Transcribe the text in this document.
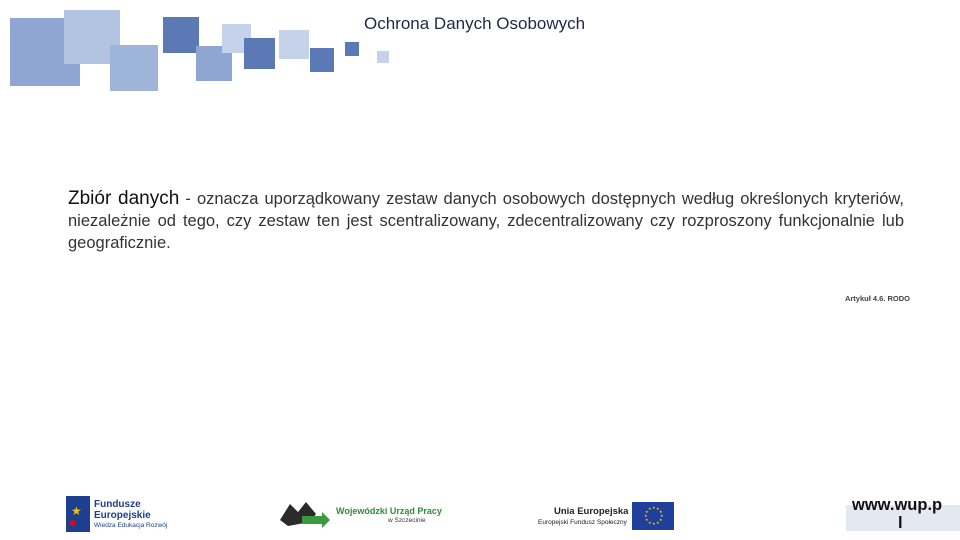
Ochrona Danych Osobowych
Zbiór danych - oznacza uporządkowany zestaw danych osobowych dostępnych według określonych kryteriów, niezależnie od tego, czy zestaw ten jest scentralizowany, zdecentralizowany czy rozproszony funkcjonalnie lub geograficznie.
Artykuł 4.6. RODO
★ Fundusze
Europejskie
Wiedza Edukacja Rozwój
Wojewódzki Urząd Pracy
w Szczecinie
Unia Europejska
Europejski Fundusz Społeczny
★ ★
★
★
★
★
★
★
★
★
★
★	www.wup.p
l
